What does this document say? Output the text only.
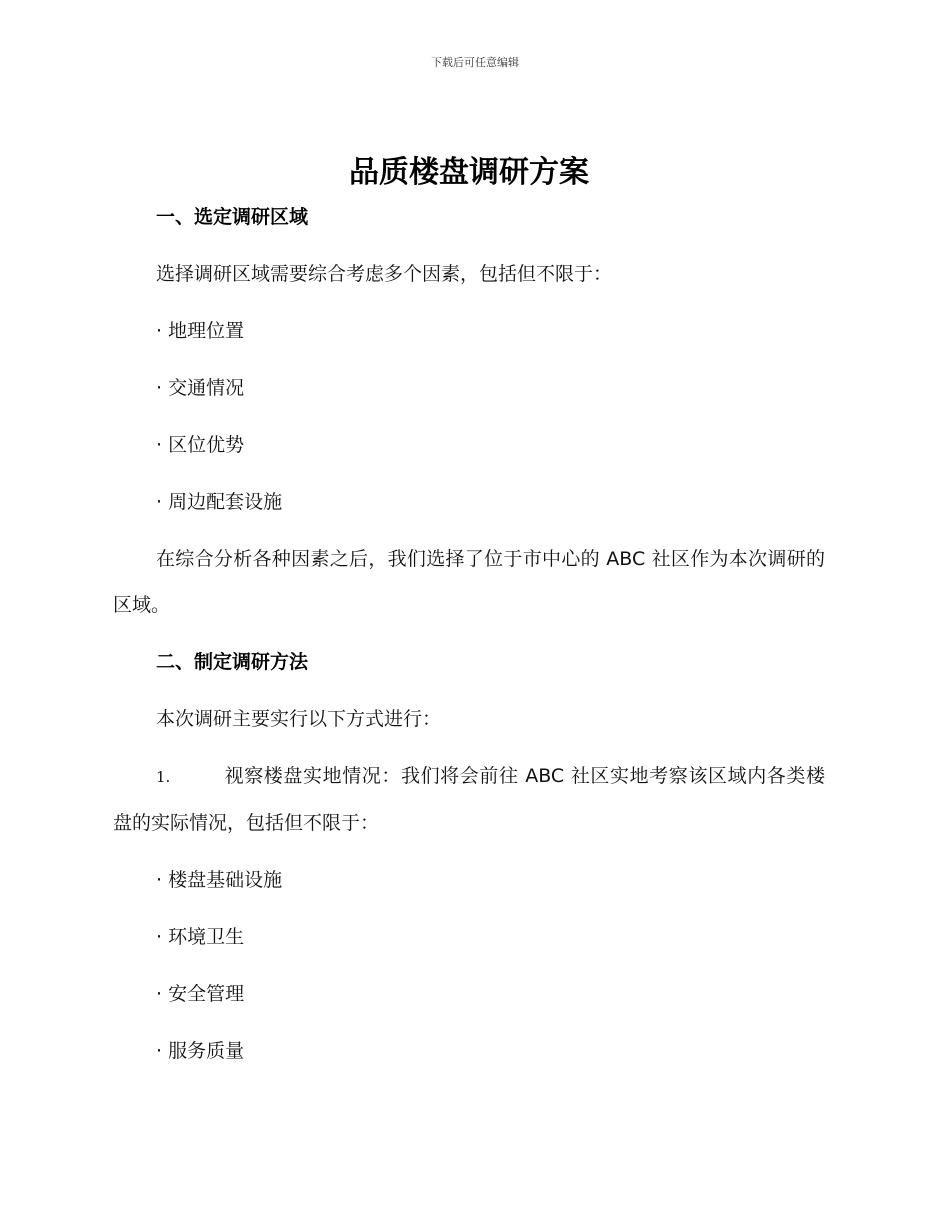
下载后可任意编辑
品质楼盘调研方案
一、选定调研区域

选择调研区域需要综合考虑多个因素，包括但不限于：

· 地理位置

· 交通情况

· 区位优势

· 周边配套设施

在综合分析各种因素之后，我们选择了位于市中心的 ABC 社区作为本次调研的区域。

二、制定调研方法

本次调研主要实行以下方式进行：

1.	视察楼盘实地情况：我们将会前往 ABC 社区实地考察该区域内各类楼盘的实际情况，包括但不限于：

· 楼盘基础设施

· 环境卫生

· 安全管理

· 服务质量
